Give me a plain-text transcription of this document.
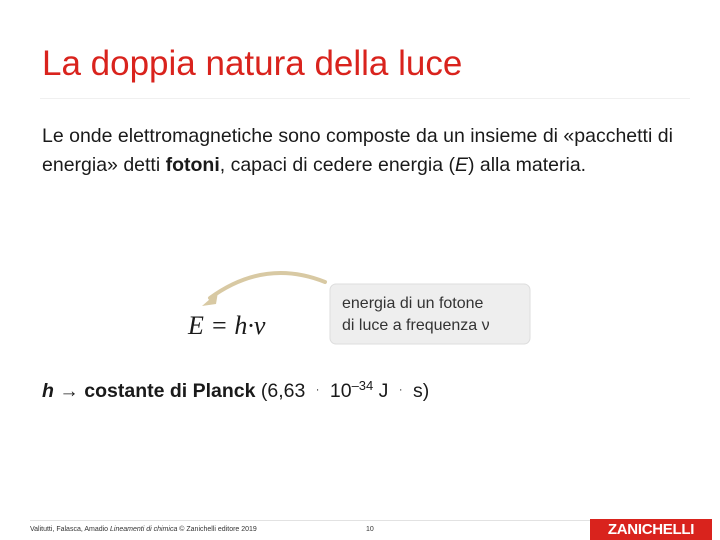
La doppia natura della luce
Le onde elettromagnetiche sono composte da un insieme di «pacchetti di energia» detti fotoni, capaci di cedere energia (E) alla materia.
energia di un fotone
di luce a frequenza ν
E = h·ν
h → costante di Planck (6,63 · $10^{-34}$ J · s)
Valitutti, Falasca, Amadio Lineamenti di chimica © Zanichelli editore 2019	10	ZANICHELLI
